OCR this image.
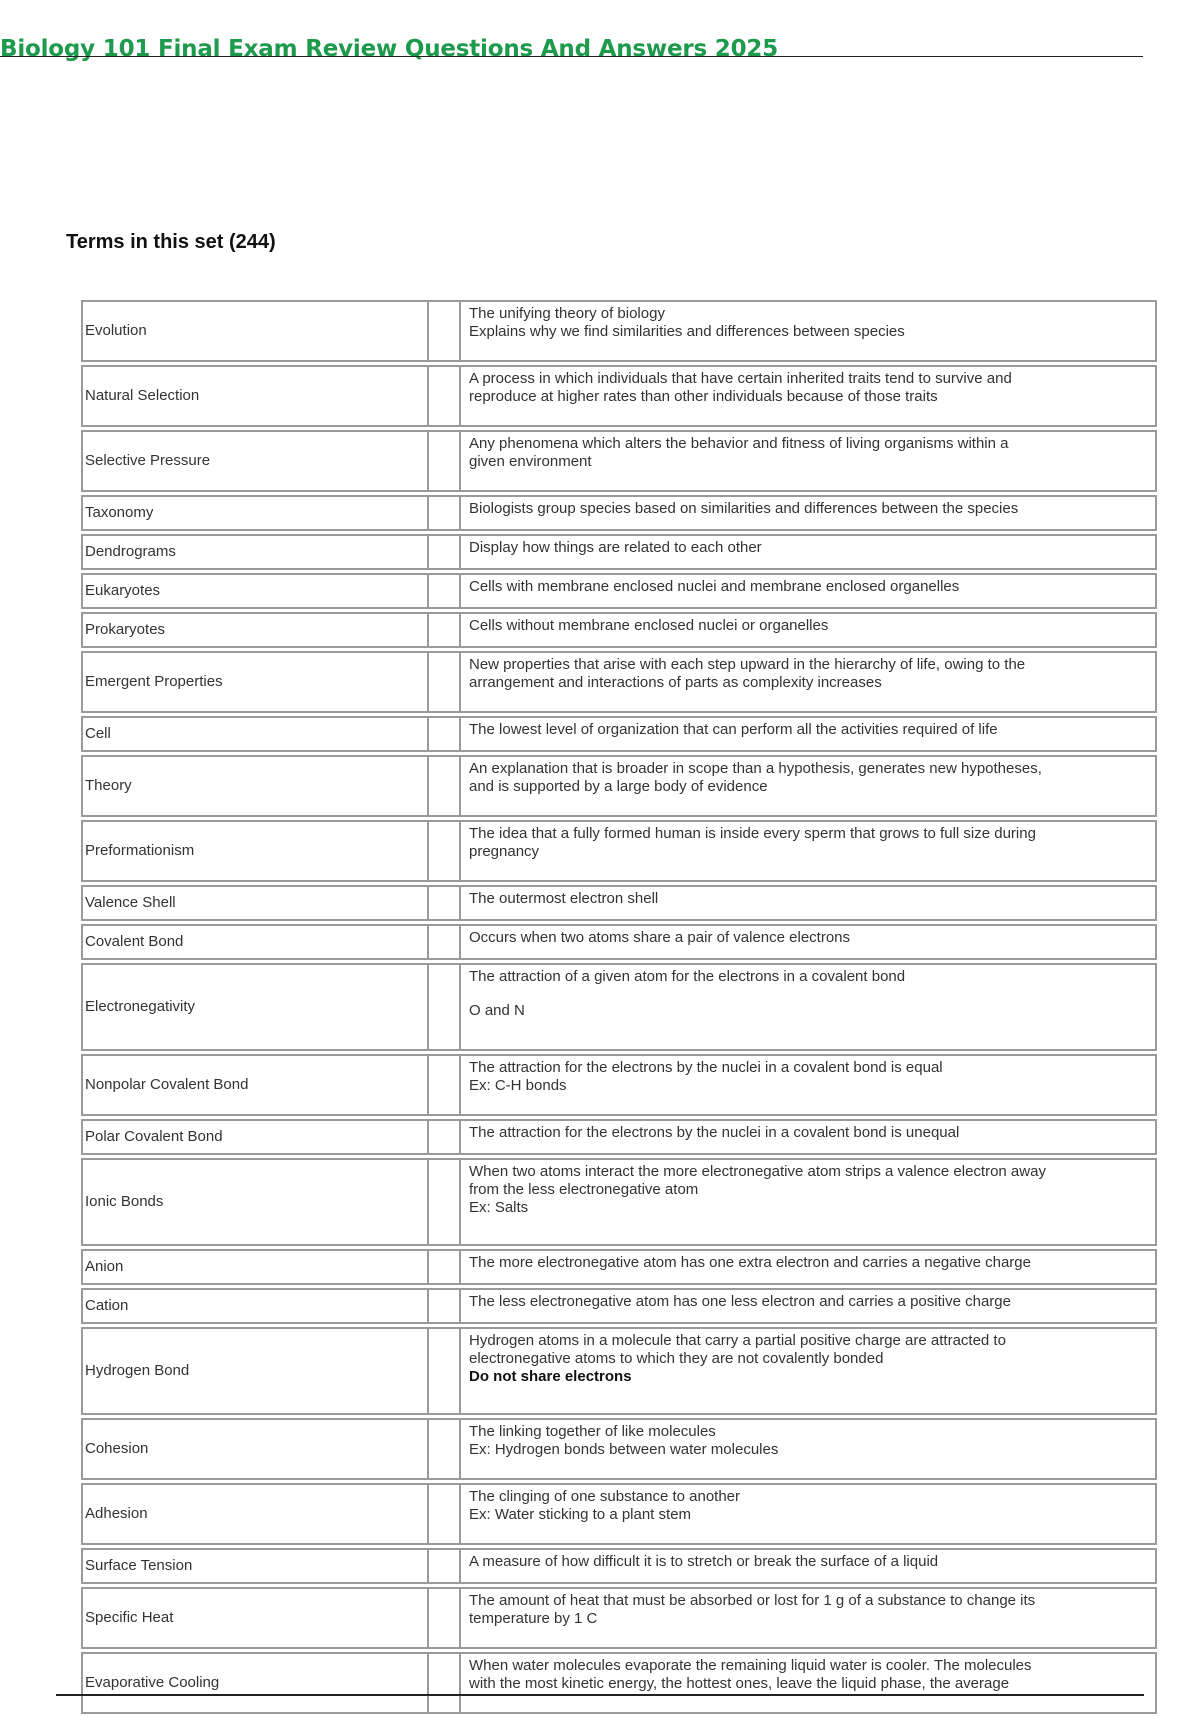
Biology 101 Final Exam Review Questions And Answers 2025
Terms in this set (244)
Evolution		The unifying theory of biology
Explains why we find similarities and differences between species

Natural Selection		A process in which individuals that have certain inherited traits tend to survive and
reproduce at higher rates than other individuals because of those traits

Selective Pressure		Any phenomena which alters the behavior and fitness of living organisms within a
given environment

Taxonomy		Biologists group species based on similarities and differences between the species

Dendrograms		Display how things are related to each other

Eukaryotes		Cells with membrane enclosed nuclei and membrane enclosed organelles

Prokaryotes		Cells without membrane enclosed nuclei or organelles

Emergent Properties		New properties that arise with each step upward in the hierarchy of life, owing to the
arrangement and interactions of parts as complexity increases

Cell		The lowest level of organization that can perform all the activities required of life

Theory		An explanation that is broader in scope than a hypothesis, generates new hypotheses,
and is supported by a large body of evidence

Preformationism		The idea that a fully formed human is inside every sperm that grows to full size during
pregnancy

Valence Shell		The outermost electron shell

Covalent Bond		Occurs when two atoms share a pair of valence electrons

Electronegativity		The attraction of a given atom for the electrons in a covalent bond
O and N

Nonpolar Covalent Bond		The attraction for the electrons by the nuclei in a covalent bond is equal
Ex: C-H bonds

Polar Covalent Bond		The attraction for the electrons by the nuclei in a covalent bond is unequal

Ionic Bonds		When two atoms interact the more electronegative atom strips a valence electron away
from the less electronegative atom
Ex: Salts

Anion		The more electronegative atom has one extra electron and carries a negative charge

Cation		The less electronegative atom has one less electron and carries a positive charge

Hydrogen Bond		Hydrogen atoms in a molecule that carry a partial positive charge are attracted to
electronegative atoms to which they are not covalently bonded
Do not share electrons

Cohesion		The linking together of like molecules
Ex: Hydrogen bonds between water molecules

Adhesion		The clinging of one substance to another
Ex: Water sticking to a plant stem

Surface Tension		A measure of how difficult it is to stretch or break the surface of a liquid

Specific Heat		The amount of heat that must be absorbed or lost for 1 g of a substance to change its
temperature by 1 C

Evaporative Cooling		When water molecules evaporate the remaining liquid water is cooler. The molecules
with the most kinetic energy, the hottest ones, leave the liquid phase, the average
